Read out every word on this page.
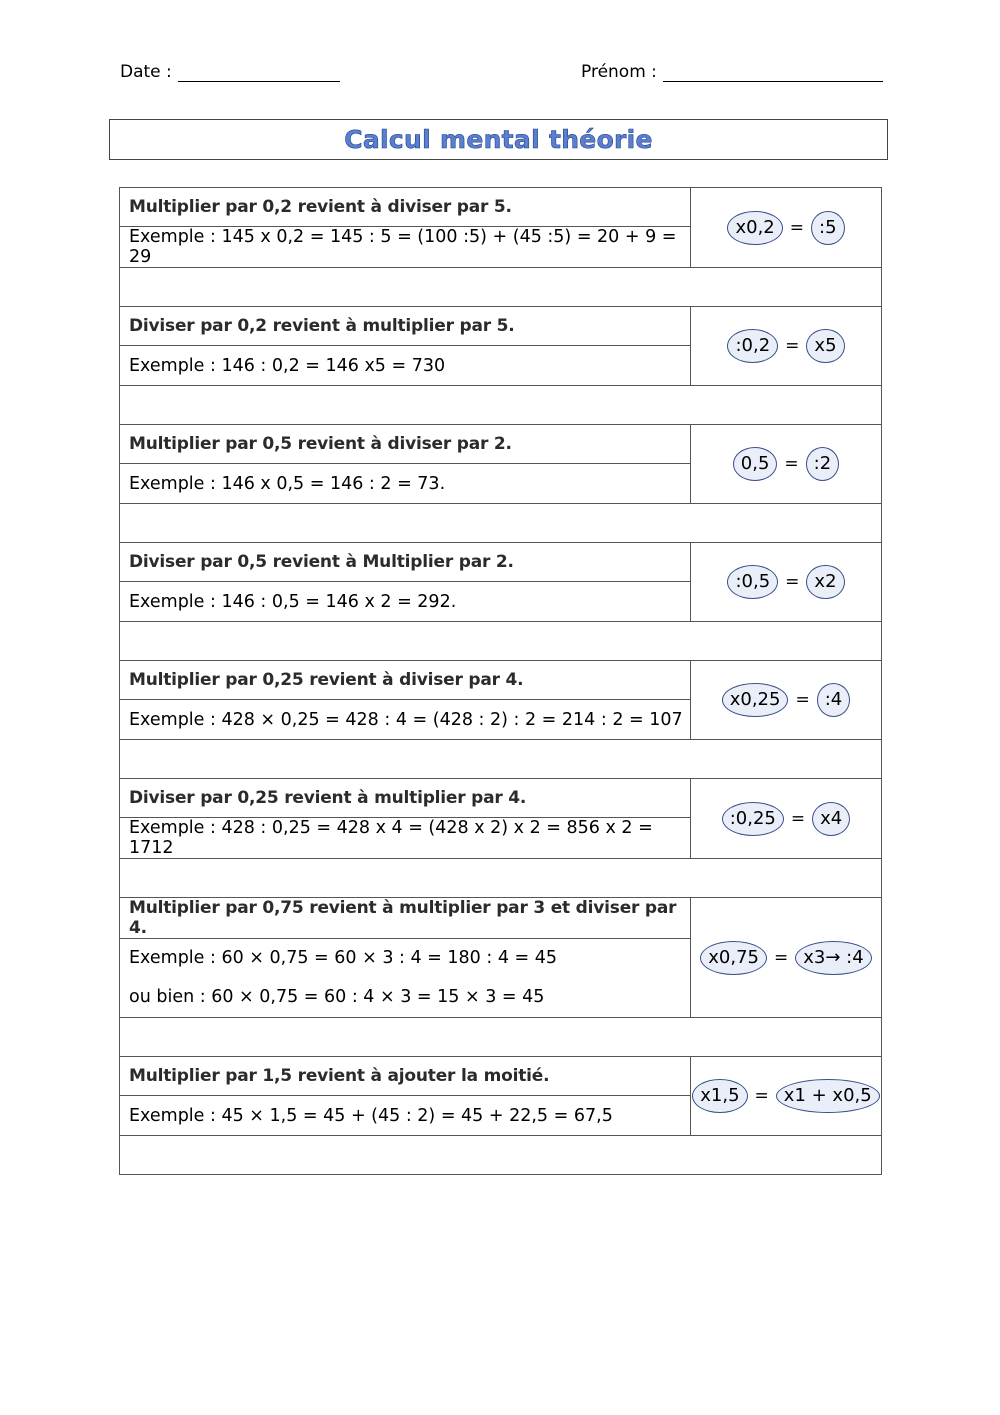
Date :	Prénom :
Calcul mental théorie
Multiplier par 0,2 revient à diviser par 5.	x0,2 = :5

Exemple : 145 x 0,2 = 145 : 5 = (100 :5) + (45 :5) = 20 + 9 = 29	

Diviser par 0,2 revient à multiplier par 5.	:0,2 = x5

Exemple : 146 : 0,2 = 146 x5 = 730	

Multiplier par 0,5 revient à diviser par 2.	0,5 = :2

Exemple : 146 x 0,5 = 146 : 2 = 73.	

Diviser par 0,5 revient à Multiplier par 2.	:0,5 = x2

Exemple : 146 : 0,5 = 146 x 2 = 292.	

Multiplier par 0,25 revient à diviser par 4.	x0,25 = :4

Exemple : 428 × 0,25 = 428 : 4 = (428 : 2) : 2 = 214 : 2 = 107	

Diviser par 0,25 revient à multiplier par 4.	:0,25 = x4

Exemple : 428 : 0,25 = 428 x 4 = (428 x 2) x 2 = 856 x 2 = 1712	

Multiplier par 0,75 revient à multiplier par 3 et diviser par 4.	x0,75 = x3→ :4

Exemple : 60 × 0,75 = 60 × 3 : 4 = 180 : 4 = 45
ou bien : 60 × 0,75 = 60 : 4 × 3 = 15 × 3 = 45	

Multiplier par 1,5 revient à ajouter la moitié.	x1,5 = x1 + x0,5

Exemple : 45 × 1,5 = 45 + (45 : 2) = 45 + 22,5 = 67,5	
